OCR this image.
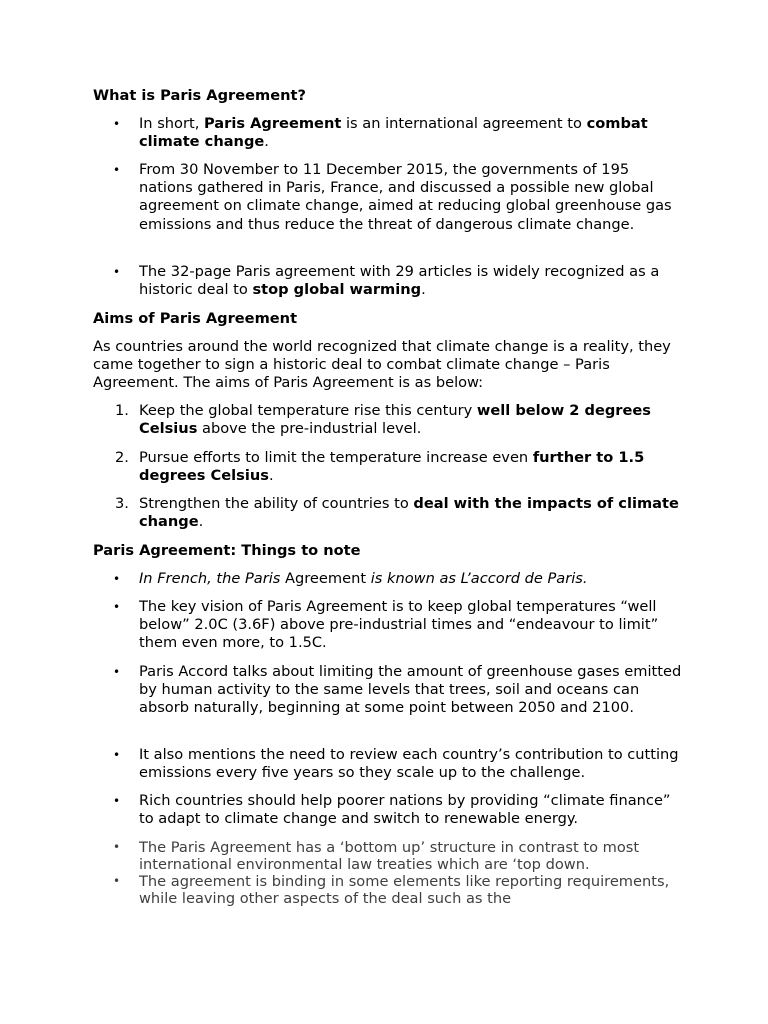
What is Paris Agreement?
• In short, Paris Agreement is an international agreement to combat climate change.
• From 30 November to 11 December 2015, the governments of 195 nations gathered in Paris, France, and discussed a possible new global agreement on climate change, aimed at reducing global greenhouse gas emissions and thus reduce the threat of dangerous climate change.
• The 32-page Paris agreement with 29 articles is widely recognized as a historic deal to stop global warming.
Aims of Paris Agreement

As countries around the world recognized that climate change is a reality, they came together to sign a historic deal to combat climate change – Paris Agreement. The aims of Paris Agreement is as below:

1. Keep the global temperature rise this century well below 2 degrees Celsius above the pre-industrial level.
2. Pursue efforts to limit the temperature increase even further to 1.5 degrees Celsius.
3. Strengthen the ability of countries to deal with the impacts of climate change.
Paris Agreement: Things to note
• In French, the Paris Agreement is known as L’accord de Paris.
• The key vision of Paris Agreement is to keep global temperatures “well below” 2.0C (3.6F) above pre-industrial times and “endeavour to limit” them even more, to 1.5C.
• Paris Accord talks about limiting the amount of greenhouse gases emitted by human activity to the same levels that trees, soil and oceans can absorb naturally, beginning at some point between 2050 and 2100.
• It also mentions the need to review each country’s contribution to cutting emissions every five years so they scale up to the challenge.
• Rich countries should help poorer nations by providing “climate finance” to adapt to climate change and switch to renewable energy.
• The Paris Agreement has a ‘bottom up’ structure in contrast to most international environmental law treaties which are ‘top down.
• The agreement is binding in some elements like reporting requirements, while leaving other aspects of the deal such as the
